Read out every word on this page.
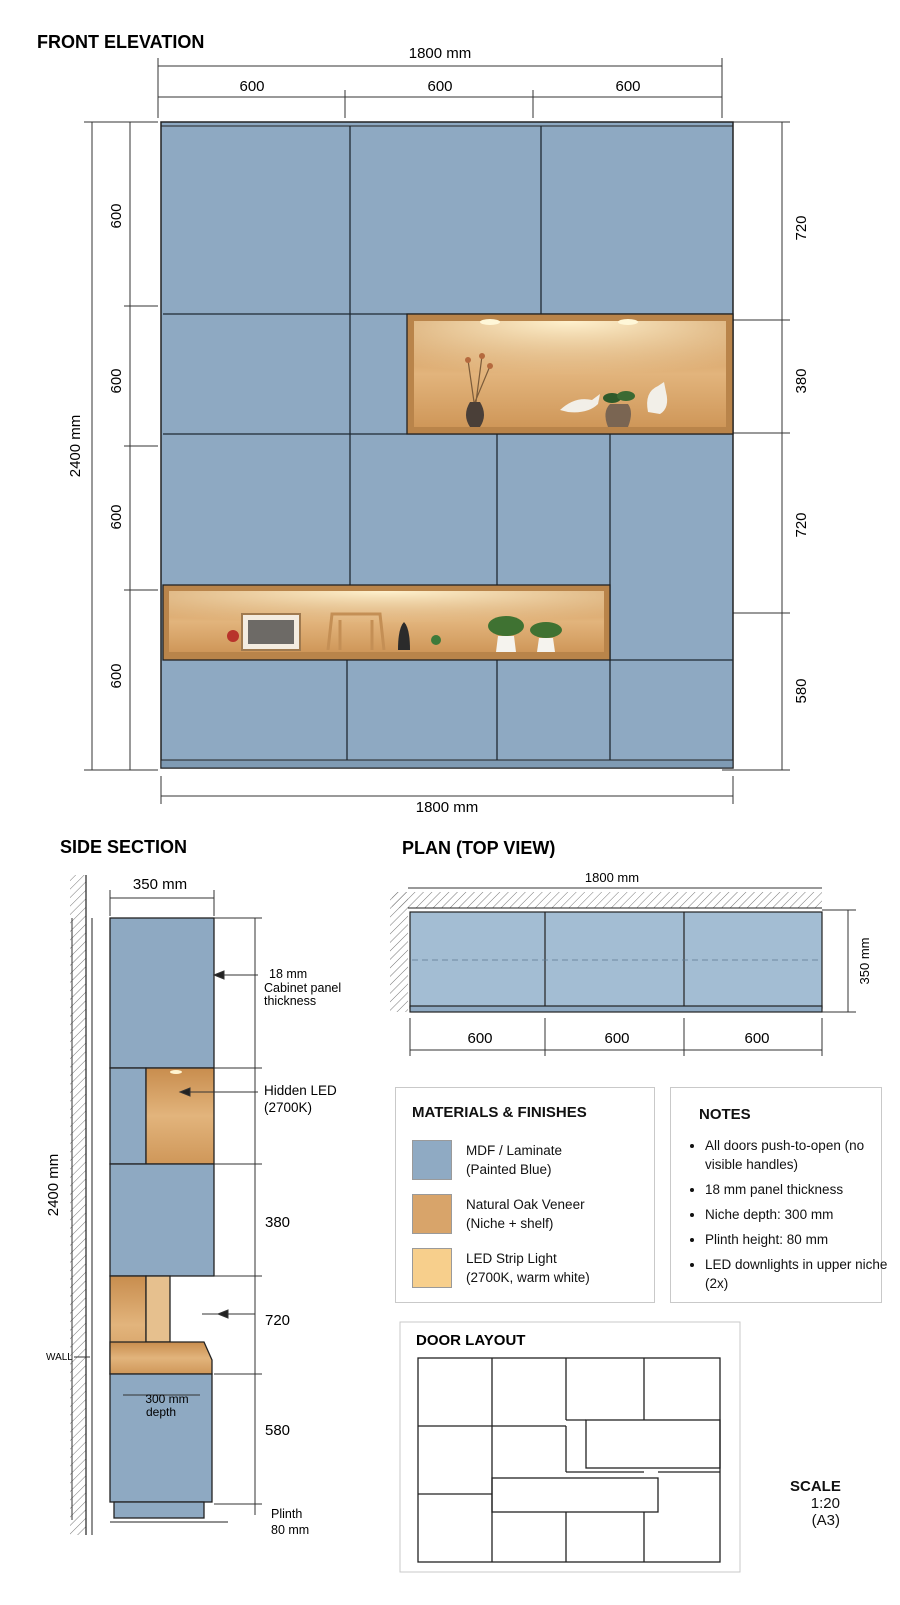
FRONT ELEVATION
1800 mm
600	600	600
2400 mm
600
600
600
600
720
380
720
580
1800 mm
SIDE SECTION
WALL
350 mm
2400 mm
18 mm
Cabinet panel
thickness
Hidden LED
(2700K)
380
720
580
300 mm
depth
Plinth
80 mm
PLAN (TOP VIEW)
1800 mm
350 mm
600	600	600
DOOR LAYOUT
MATERIALS & FINISHES
MDF / Laminate
(Painted Blue)
Natural Oak Veneer
(Niche + shelf)
LED Strip Light
(2700K, warm white)
NOTES
• All doors push-to-open (no visible handles)
• 18 mm panel thickness
• Niche depth: 300 mm
• Plinth height: 80 mm
• LED downlights in upper niche (2x)
SCALE
1:20
(A3)
